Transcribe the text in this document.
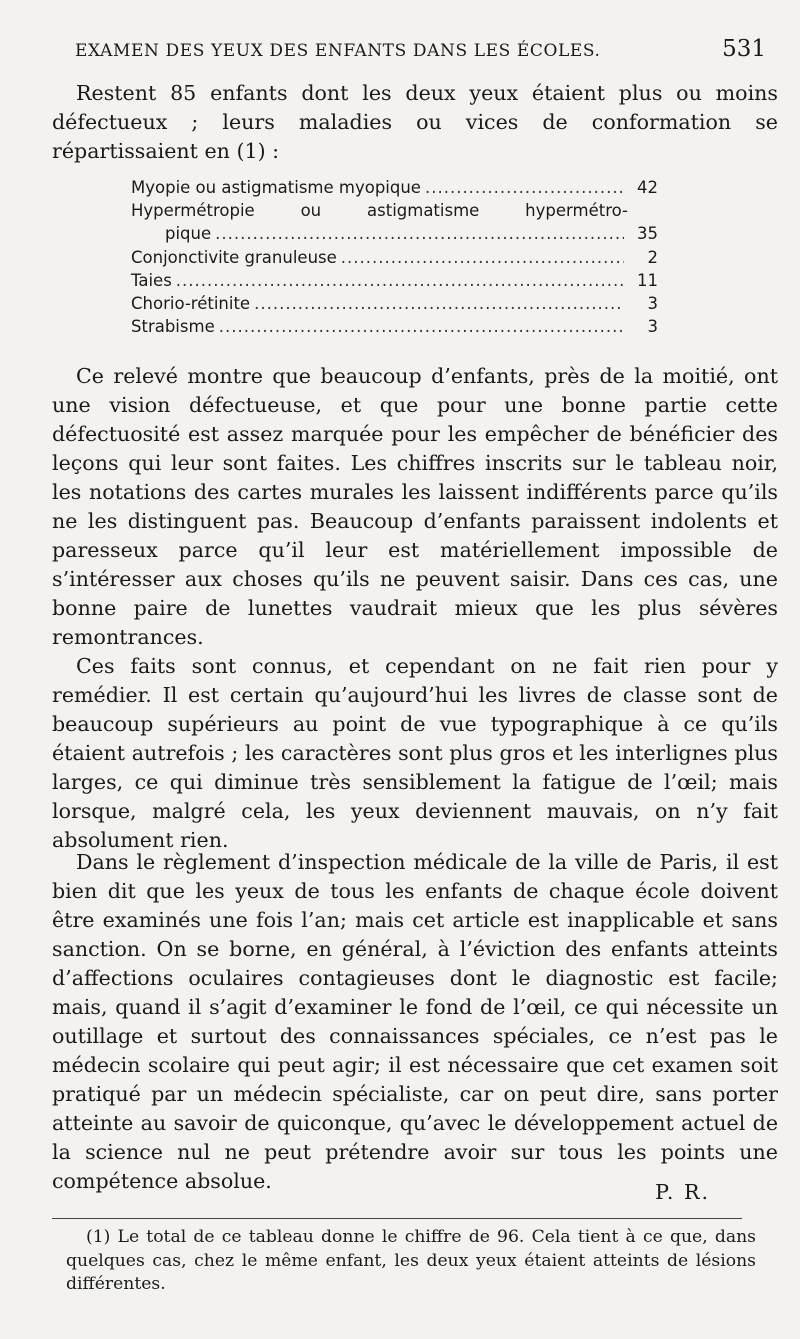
EXAMEN DES YEUX DES ENFANTS DANS LES ÉCOLES.	531

Restent 85 enfants dont les deux yeux étaient plus ou moins défectueux ; leurs maladies ou vices de conformation se répartissaient en (1) :

Myopie ou astigmatisme myopique .....	42
Hypermétropie ou astigmatisme hypermétro-
pique .....	35
Conjonctivite granuleuse .....	2
Taies .....	11
Chorio-rétinite .....	3
Strabisme .....	3

Ce relevé montre que beaucoup d’enfants, près de la moitié, ont une vision défectueuse, et que pour une bonne partie cette défectuosité est assez marquée pour les empêcher de bénéficier des leçons qui leur sont faites. Les chiffres inscrits sur le tableau noir, les notations des cartes murales les laissent indifférents parce qu’ils ne les distinguent pas. Beaucoup d’enfants paraissent indolents et paresseux parce qu’il leur est matériellement impossible de s’intéresser aux choses qu’ils ne peuvent saisir. Dans ces cas, une bonne paire de lunettes vaudrait mieux que les plus sévères remontrances.

Ces faits sont connus, et cependant on ne fait rien pour y remédier. Il est certain qu’aujourd’hui les livres de classe sont de beaucoup supérieurs au point de vue typographique à ce qu’ils étaient autrefois ; les caractères sont plus gros et les interlignes plus larges, ce qui diminue très sensiblement la fatigue de l’œil; mais lorsque, malgré cela, les yeux deviennent mauvais, on n’y fait absolument rien.

Dans le règlement d’inspection médicale de la ville de Paris, il est bien dit que les yeux de tous les enfants de chaque école doivent être examinés une fois l’an; mais cet article est inapplicable et sans sanction. On se borne, en général, à l’éviction des enfants atteints d’affections oculaires contagieuses dont le diagnostic est facile; mais, quand il s’agit d’examiner le fond de l’œil, ce qui nécessite un outillage et surtout des connaissances spéciales, ce n’est pas le médecin scolaire qui peut agir; il est nécessaire que cet examen soit pratiqué par un médecin spécialiste, car on peut dire, sans porter atteinte au savoir de quiconque, qu’avec le développement actuel de la science nul ne peut prétendre avoir sur tous les points une compétence absolue.	P. R.

(1) Le total de ce tableau donne le chiffre de 96. Cela tient à ce que, dans quelques cas, chez le même enfant, les deux yeux étaient atteints de lésions différentes.
